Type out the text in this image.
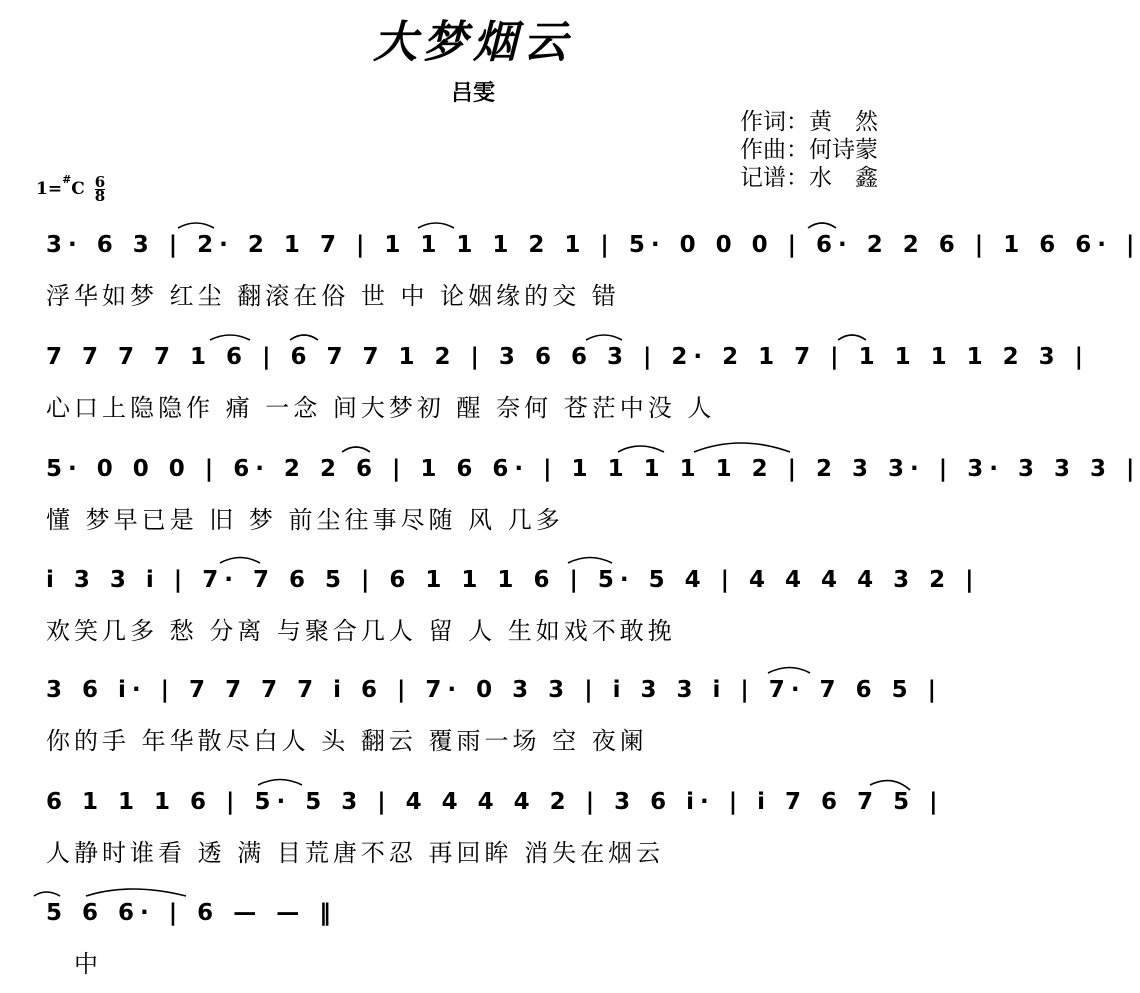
大梦烟云
吕雯
作词：黄　然
作曲：何诗蒙
记谱：水　鑫
$1=^{\#}C \frac{6}{8}$
3· 6 3 | 2· 2 1 7 | 1 1 1 1 2 1 | 5· 0 0 0 | 6· 2 2 6 | 1 6 6· |
浮华如梦 红尘 翻滚在俗 世 中 论姻缘的交 错
7 7 7 7 1 6 | 6 7 7 1 2 | 3 6 6 3 | 2· 2 1 7 | 1 1 1 1 2 3 |
心口上隐隐作 痛 一念 间大梦初 醒 奈何 苍茫中没 人
5· 0 0 0 | 6· 2 2 6 | 1 6 6· | 1 1 1 1 1 2 | 2 3 3· | 3· 3 3 3 |
懂 梦早已是 旧 梦 前尘往事尽随 风 几多
i 3 3 i | 7· 7 6 5 | 6 1 1 1 6 | 5· 5 4 | 4 4 4 4 3 2 |
欢笑几多 愁 分离 与聚合几人 留 人 生如戏不敢挽
3 6 i· | 7 7 7 7 i 6 | 7· 0 3 3 | i 3 3 i | 7· 7 6 5 |
你的手 年华散尽白人 头 翻云 覆雨一场 空 夜阑
6 1 1 1 6 | 5· 5 3 | 4 4 4 4 2 | 3 6 i· | i 7 6 7 5 |
人静时谁看 透 满 目荒唐不忍 再回眸 消失在烟云
5 6 6· | 6 — — ‖
中
